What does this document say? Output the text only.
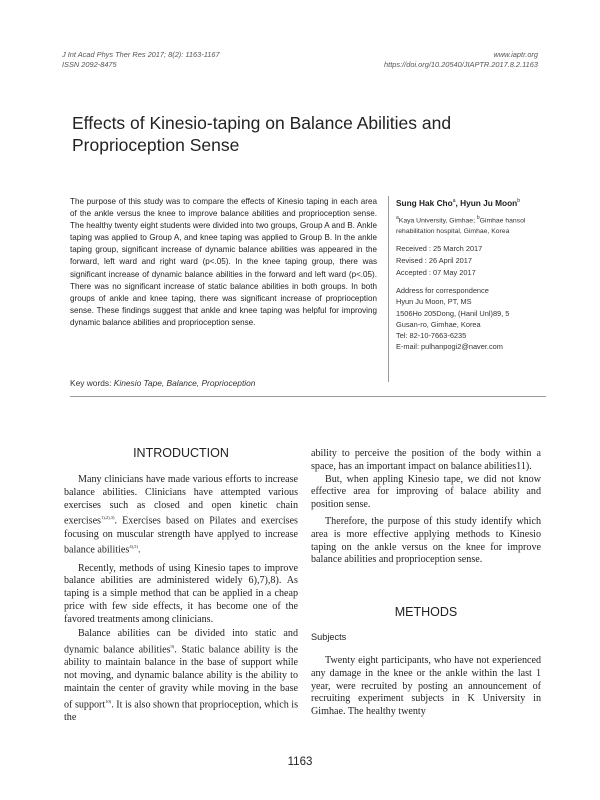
J Int Acad Phys Ther Res 2017; 8(2): 1163-1167
ISSN 2092-8475
www.iaptr.org
https://doi.org/10.20540/JIAPTR.2017.8.2.1163
Effects of Kinesio-taping on Balance Abilities and Proprioception Sense
The purpose of this study was to compare the effects of Kinesio taping in each area of the ankle versus the knee to improve balance abilities and proprioception sense. The healthy twenty eight students were divided into two groups, Group A and B. Ankle taping was applied to Group A, and knee taping was applied to Group B. In the ankle taping group, significant increase of dynamic balance abilities was appeared in the forward, left ward and right ward (p<.05). In the knee taping group, there was significant increase of dynamic balance abilities in the forward and left ward (p<.05). There was no significant increase of static balance abilities in both groups. In both groups of ankle and knee taping, there was significant increase of proprioception sense. These findings suggest that ankle and knee taping was helpful for improving dynamic balance abilities and proprioception sense.
Sung Hak Cho$^a$, Hyun Ju Moon$^b$
$^a$Kaya University, Gimhae; $^b$Gimhae hansol rehabilitation hospital, Gimhae, Korea
Received : 25 March 2017
Revised : 26 April 2017
Accepted : 07 May 2017
Address for correspondence
Hyun Ju Moon, PT, MS
1506Ho 205Dong, (Hanil Unl)89, 5
Gusan-ro, Gimhae, Korea
Tel: 82-10-7663-6235
E-mail: pulhanpogi2@naver.com
Key words: Kinesio Tape, Balance, Proprioception
INTRODUCTION

Many clinicians have made various efforts to increase balance abilities. Clinicians have attempted various exercises such as closed and open kinetic chain exercises$^{1),2),3)}$. Exercises based on Pilates and exercises focusing on muscular strength have applyed to increase balance abilities$^{4),5)}$.

Recently, methods of using Kinesio tapes to improve balance abilities are administered widely 6),7),8). As taping is a simple method that can be applied in a cheap price with few side effects, it has become one of the favored treatments among clinicians.

Balance abilities can be divided into static and dynamic balance abilities$^{9)}$. Static balance ability is the ability to maintain balance in the base of support while not moving, and dynamic balance ability is the ability to maintain the center of gravity while moving in the base of support$^{10)}$. It is also shown that proprioception, which is the

ability to perceive the position of the body within a space, has an important impact on balance abilities11).

But, when appling Kinesio tape, we did not know effective area for improving of balace ability and position sense.

Therefore, the purpose of this study identify which area is more effective applying methods to Kinesio taping on the ankle versus on the knee for improve balance abilities and proprioception sense.

METHODS
Subjects

Twenty eight participants, who have not experienced any damage in the knee or the ankle within the last 1 year, were recruited by posting an announcement of recruiting experiment subjects in K University in Gimhae. The healthy twenty

1163
